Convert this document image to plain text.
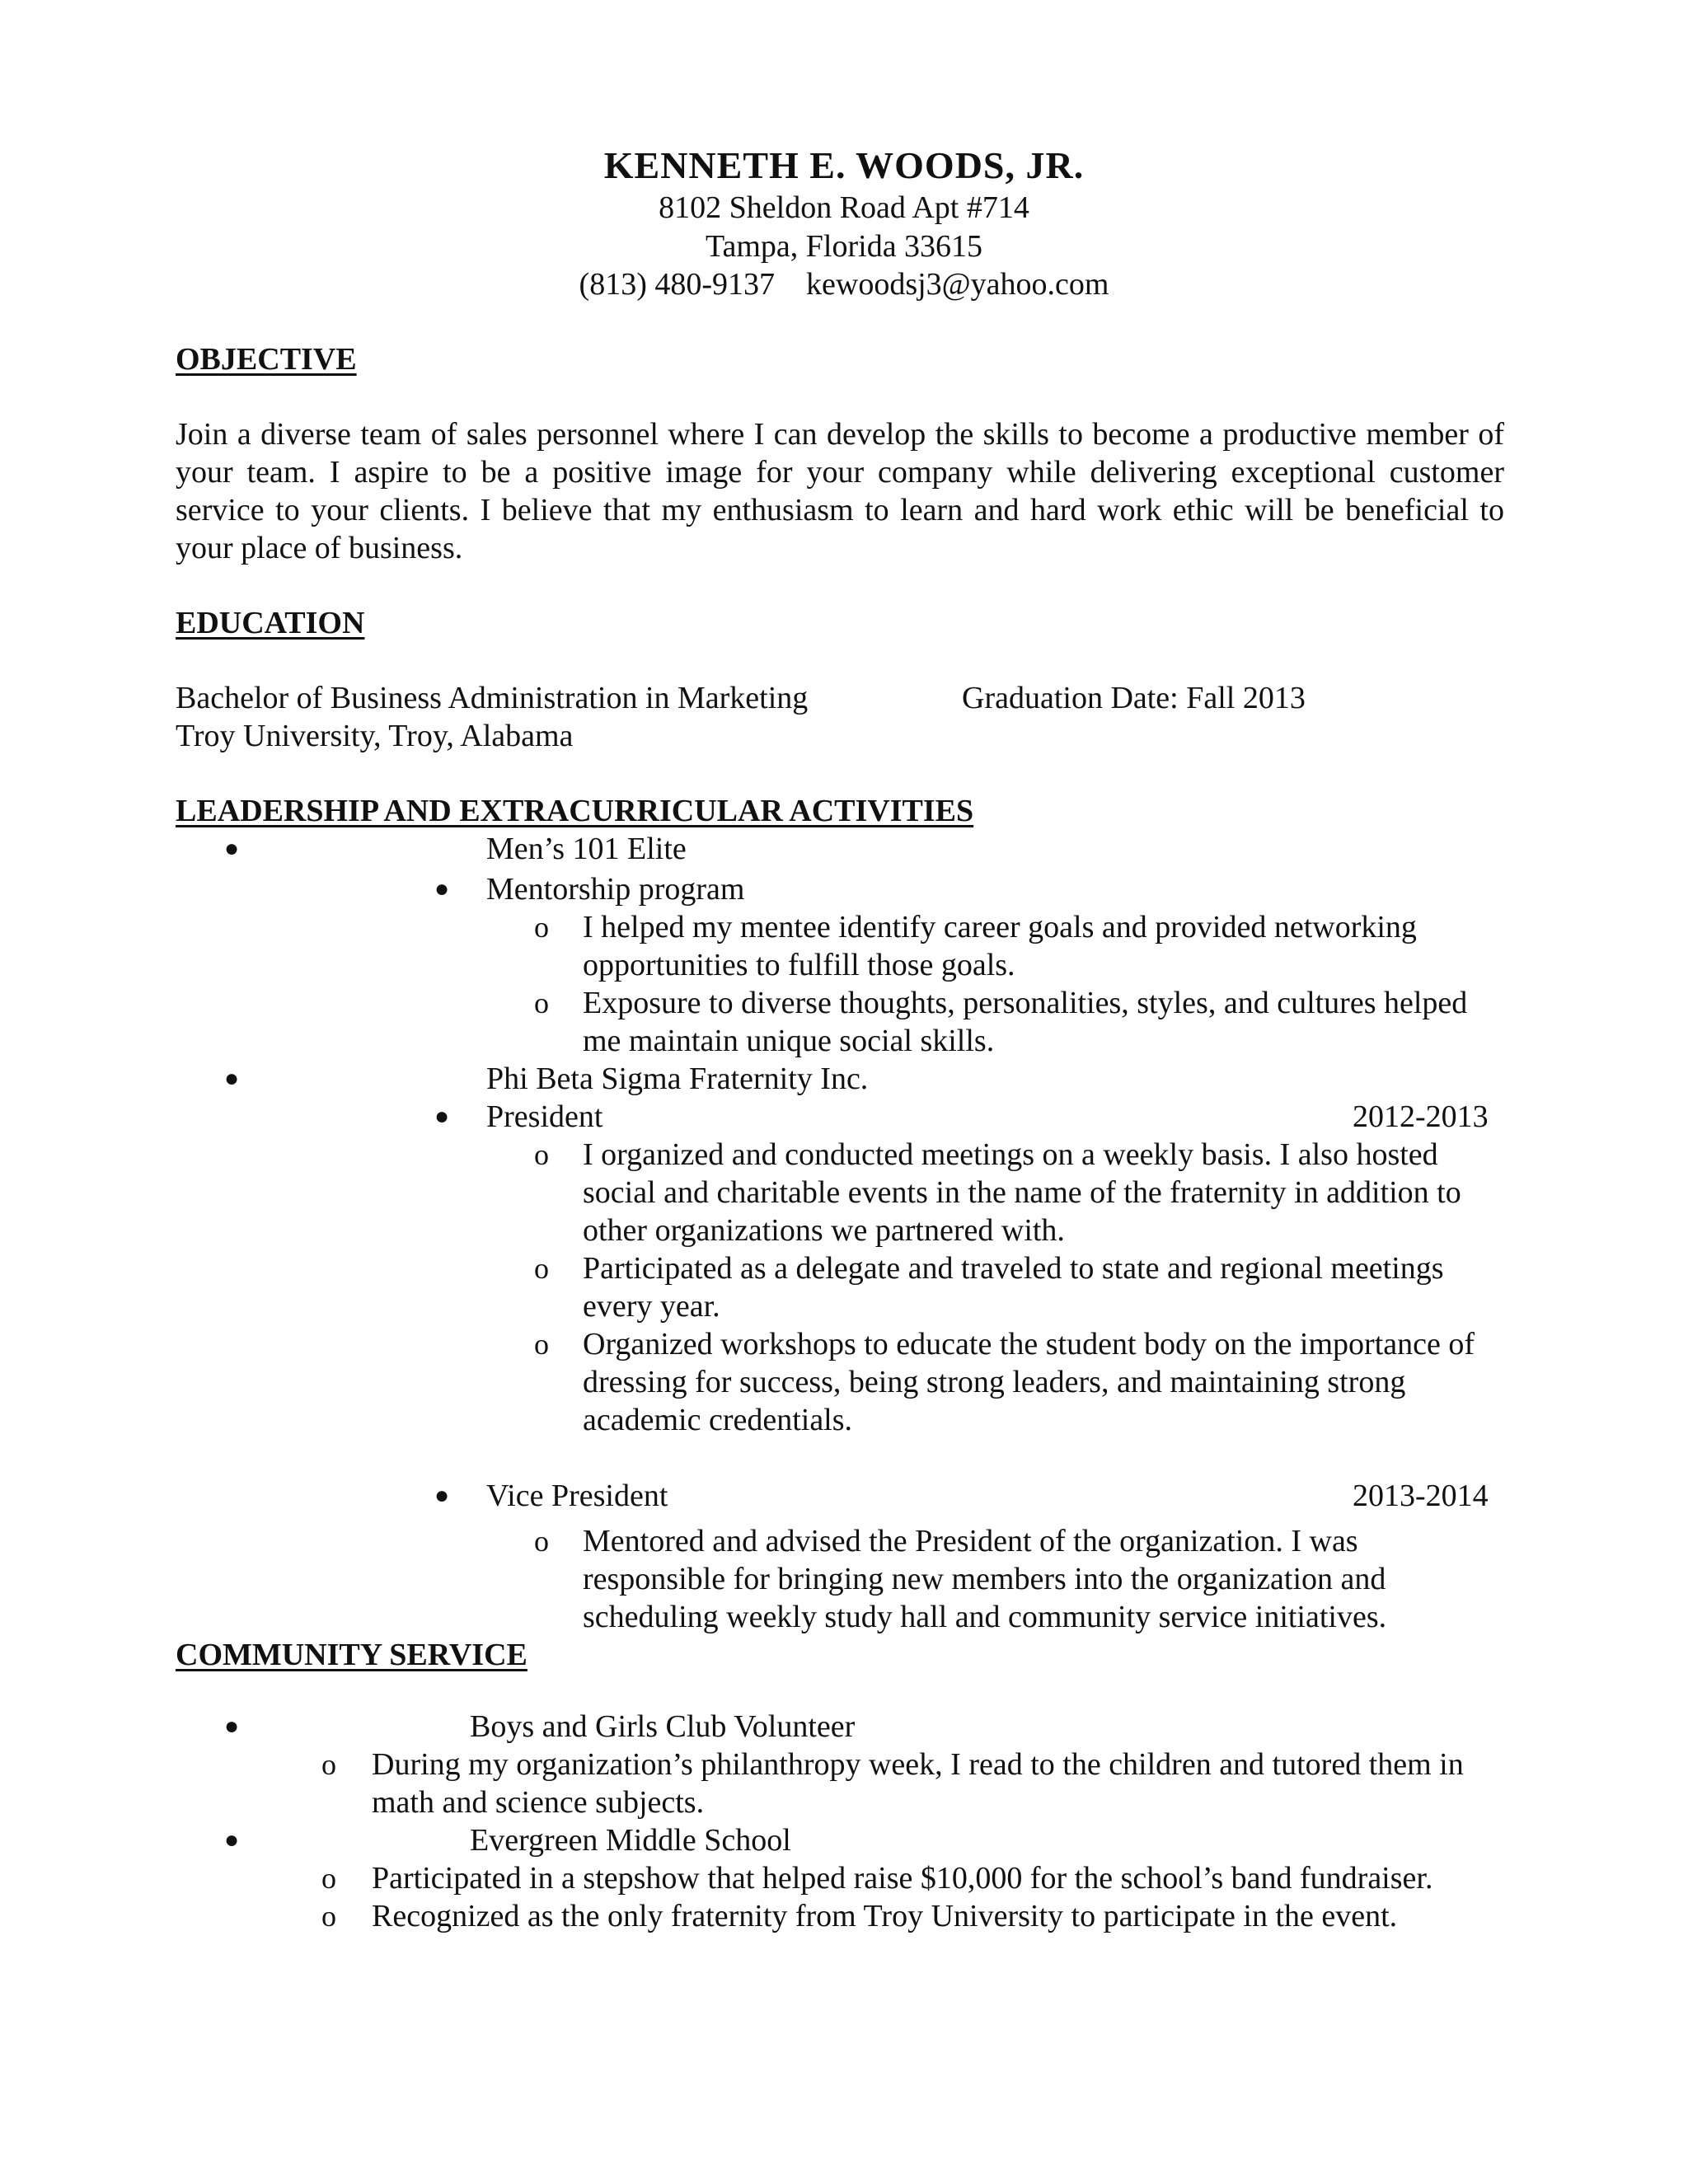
KENNETH E. WOODS, JR.
8102 Sheldon Road Apt #714
Tampa, Florida 33615
(813) 480-9137    kewoodsj3@yahoo.com
OBJECTIVE
Join a diverse team of sales personnel where I can develop the skills to become a productive member of your team. I aspire to be a positive image for your company while delivering exceptional customer service to your clients. I believe that my enthusiasm to learn and hard work ethic will be beneficial to your place of business.
EDUCATION
Bachelor of Business Administration in Marketing	Graduation Date: Fall 2013
Troy University, Troy, Alabama
LEADERSHIP AND EXTRACURRICULAR ACTIVITIES
●	Men’s 101 Elite
● Mentorship program
o I helped my mentee identify career goals and provided networking
opportunities to fulfill those goals.
o Exposure to diverse thoughts, personalities, styles, and cultures helped
me maintain unique social skills.
●	Phi Beta Sigma Fraternity Inc.
● President	2012-2013
o I organized and conducted meetings on a weekly basis. I also hosted
social and charitable events in the name of the fraternity in addition to
other organizations we partnered with.
o Participated as a delegate and traveled to state and regional meetings
every year.
o Organized workshops to educate the student body on the importance of
dressing for success, being strong leaders, and maintaining strong
academic credentials.
● Vice President	2013-2014
o Mentored and advised the President of the organization. I was
responsible for bringing new members into the organization and
scheduling weekly study hall and community service initiatives.
COMMUNITY SERVICE
●	Boys and Girls Club Volunteer
o During my organization’s philanthropy week, I read to the children and tutored them in
math and science subjects.
●	Evergreen Middle School
o Participated in a stepshow that helped raise $10,000 for the school’s band fundraiser.
o Recognized as the only fraternity from Troy University to participate in the event.
